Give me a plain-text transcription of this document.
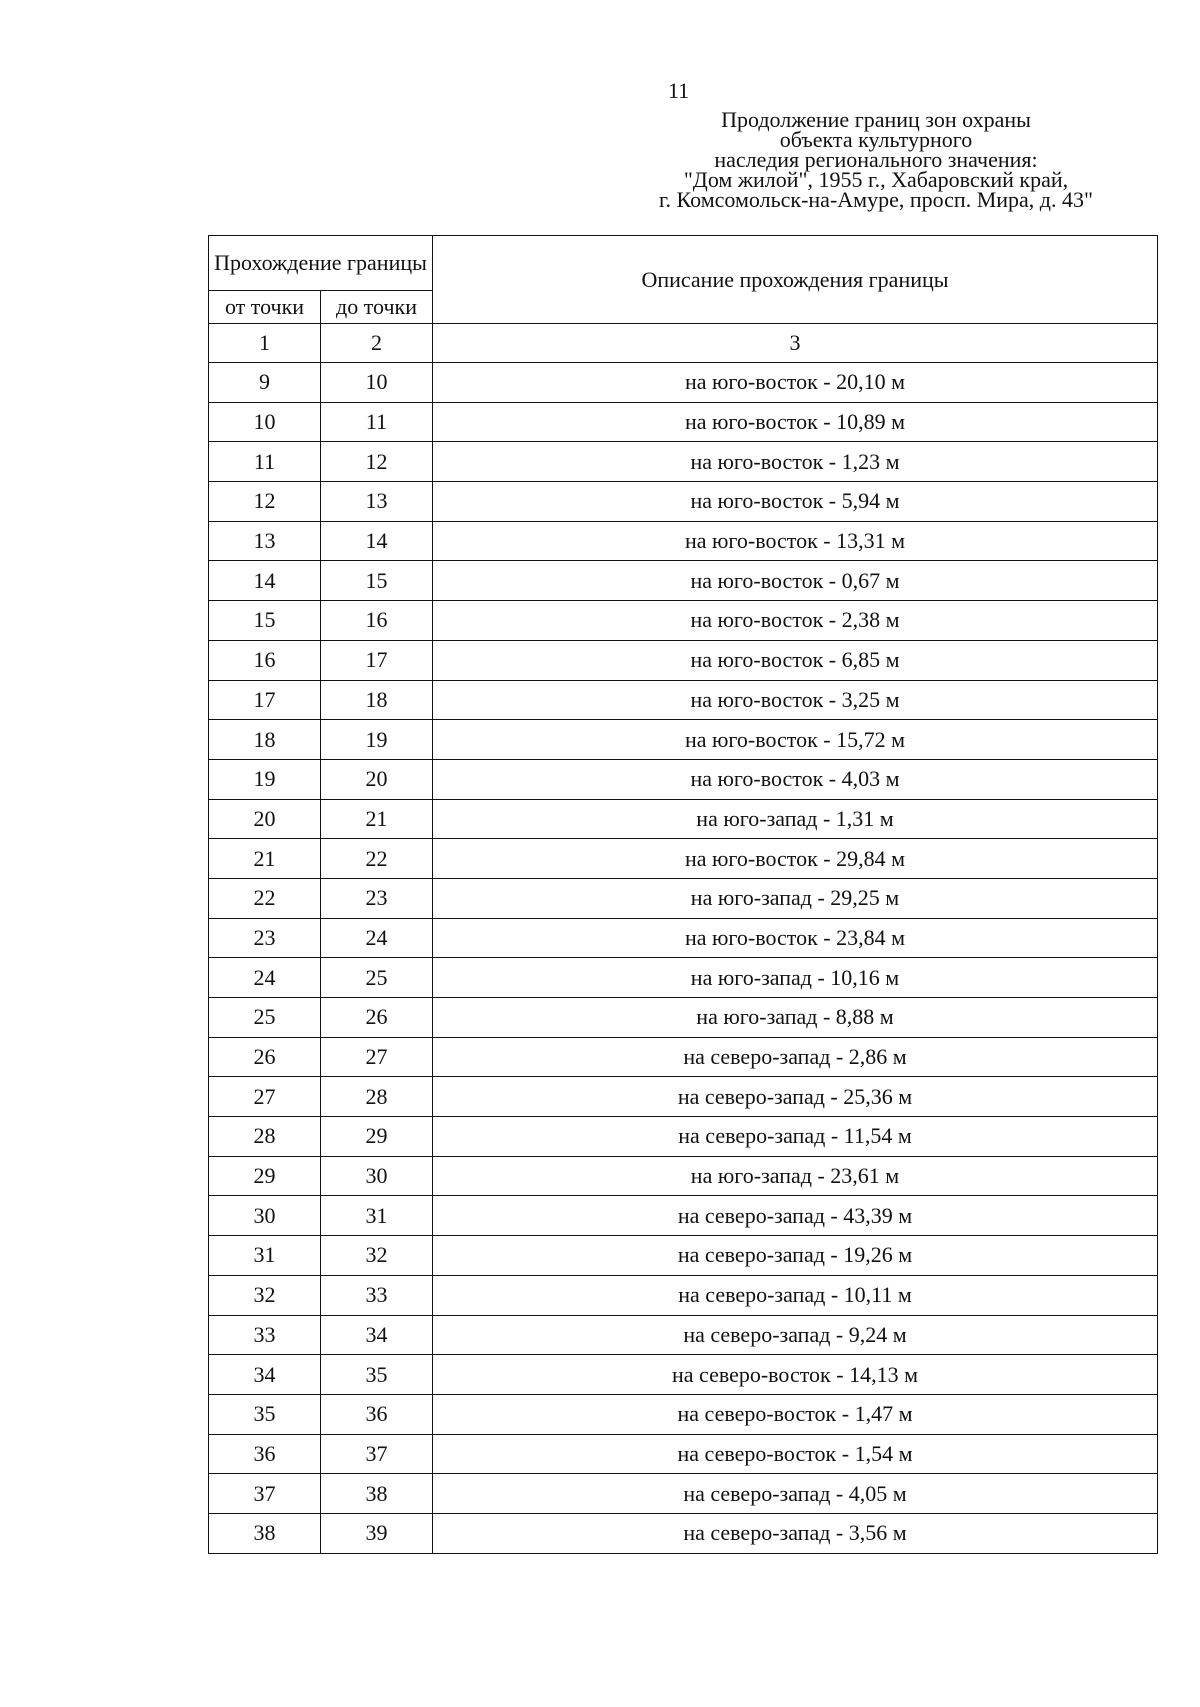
11
Продолжение границ зон охраны
объекта культурного
наследия регионального значения:
"Дом жилой", 1955 г., Хабаровский край,
г. Комсомольск-на-Амуре, просп. Мира, д. 43"
Прохождение границы		Описание прохождения границы
от точки	до точки	
1	2	3
9	10	на юго-восток - 20,10 м
10	11	на юго-восток - 10,89 м
11	12	на юго-восток - 1,23 м
12	13	на юго-восток - 5,94 м
13	14	на юго-восток - 13,31 м
14	15	на юго-восток - 0,67 м
15	16	на юго-восток - 2,38 м
16	17	на юго-восток - 6,85 м
17	18	на юго-восток - 3,25 м
18	19	на юго-восток - 15,72 м
19	20	на юго-восток - 4,03 м
20	21	на юго-запад - 1,31 м
21	22	на юго-восток - 29,84 м
22	23	на юго-запад - 29,25 м
23	24	на юго-восток - 23,84 м
24	25	на юго-запад - 10,16 м
25	26	на юго-запад - 8,88 м
26	27	на северо-запад - 2,86 м
27	28	на северо-запад - 25,36 м
28	29	на северо-запад - 11,54 м
29	30	на юго-запад - 23,61 м
30	31	на северо-запад - 43,39 м
31	32	на северо-запад - 19,26 м
32	33	на северо-запад - 10,11 м
33	34	на северо-запад - 9,24 м
34	35	на северо-восток - 14,13 м
35	36	на северо-восток - 1,47 м
36	37	на северо-восток - 1,54 м
37	38	на северо-запад - 4,05 м
38	39	на северо-запад - 3,56 м
